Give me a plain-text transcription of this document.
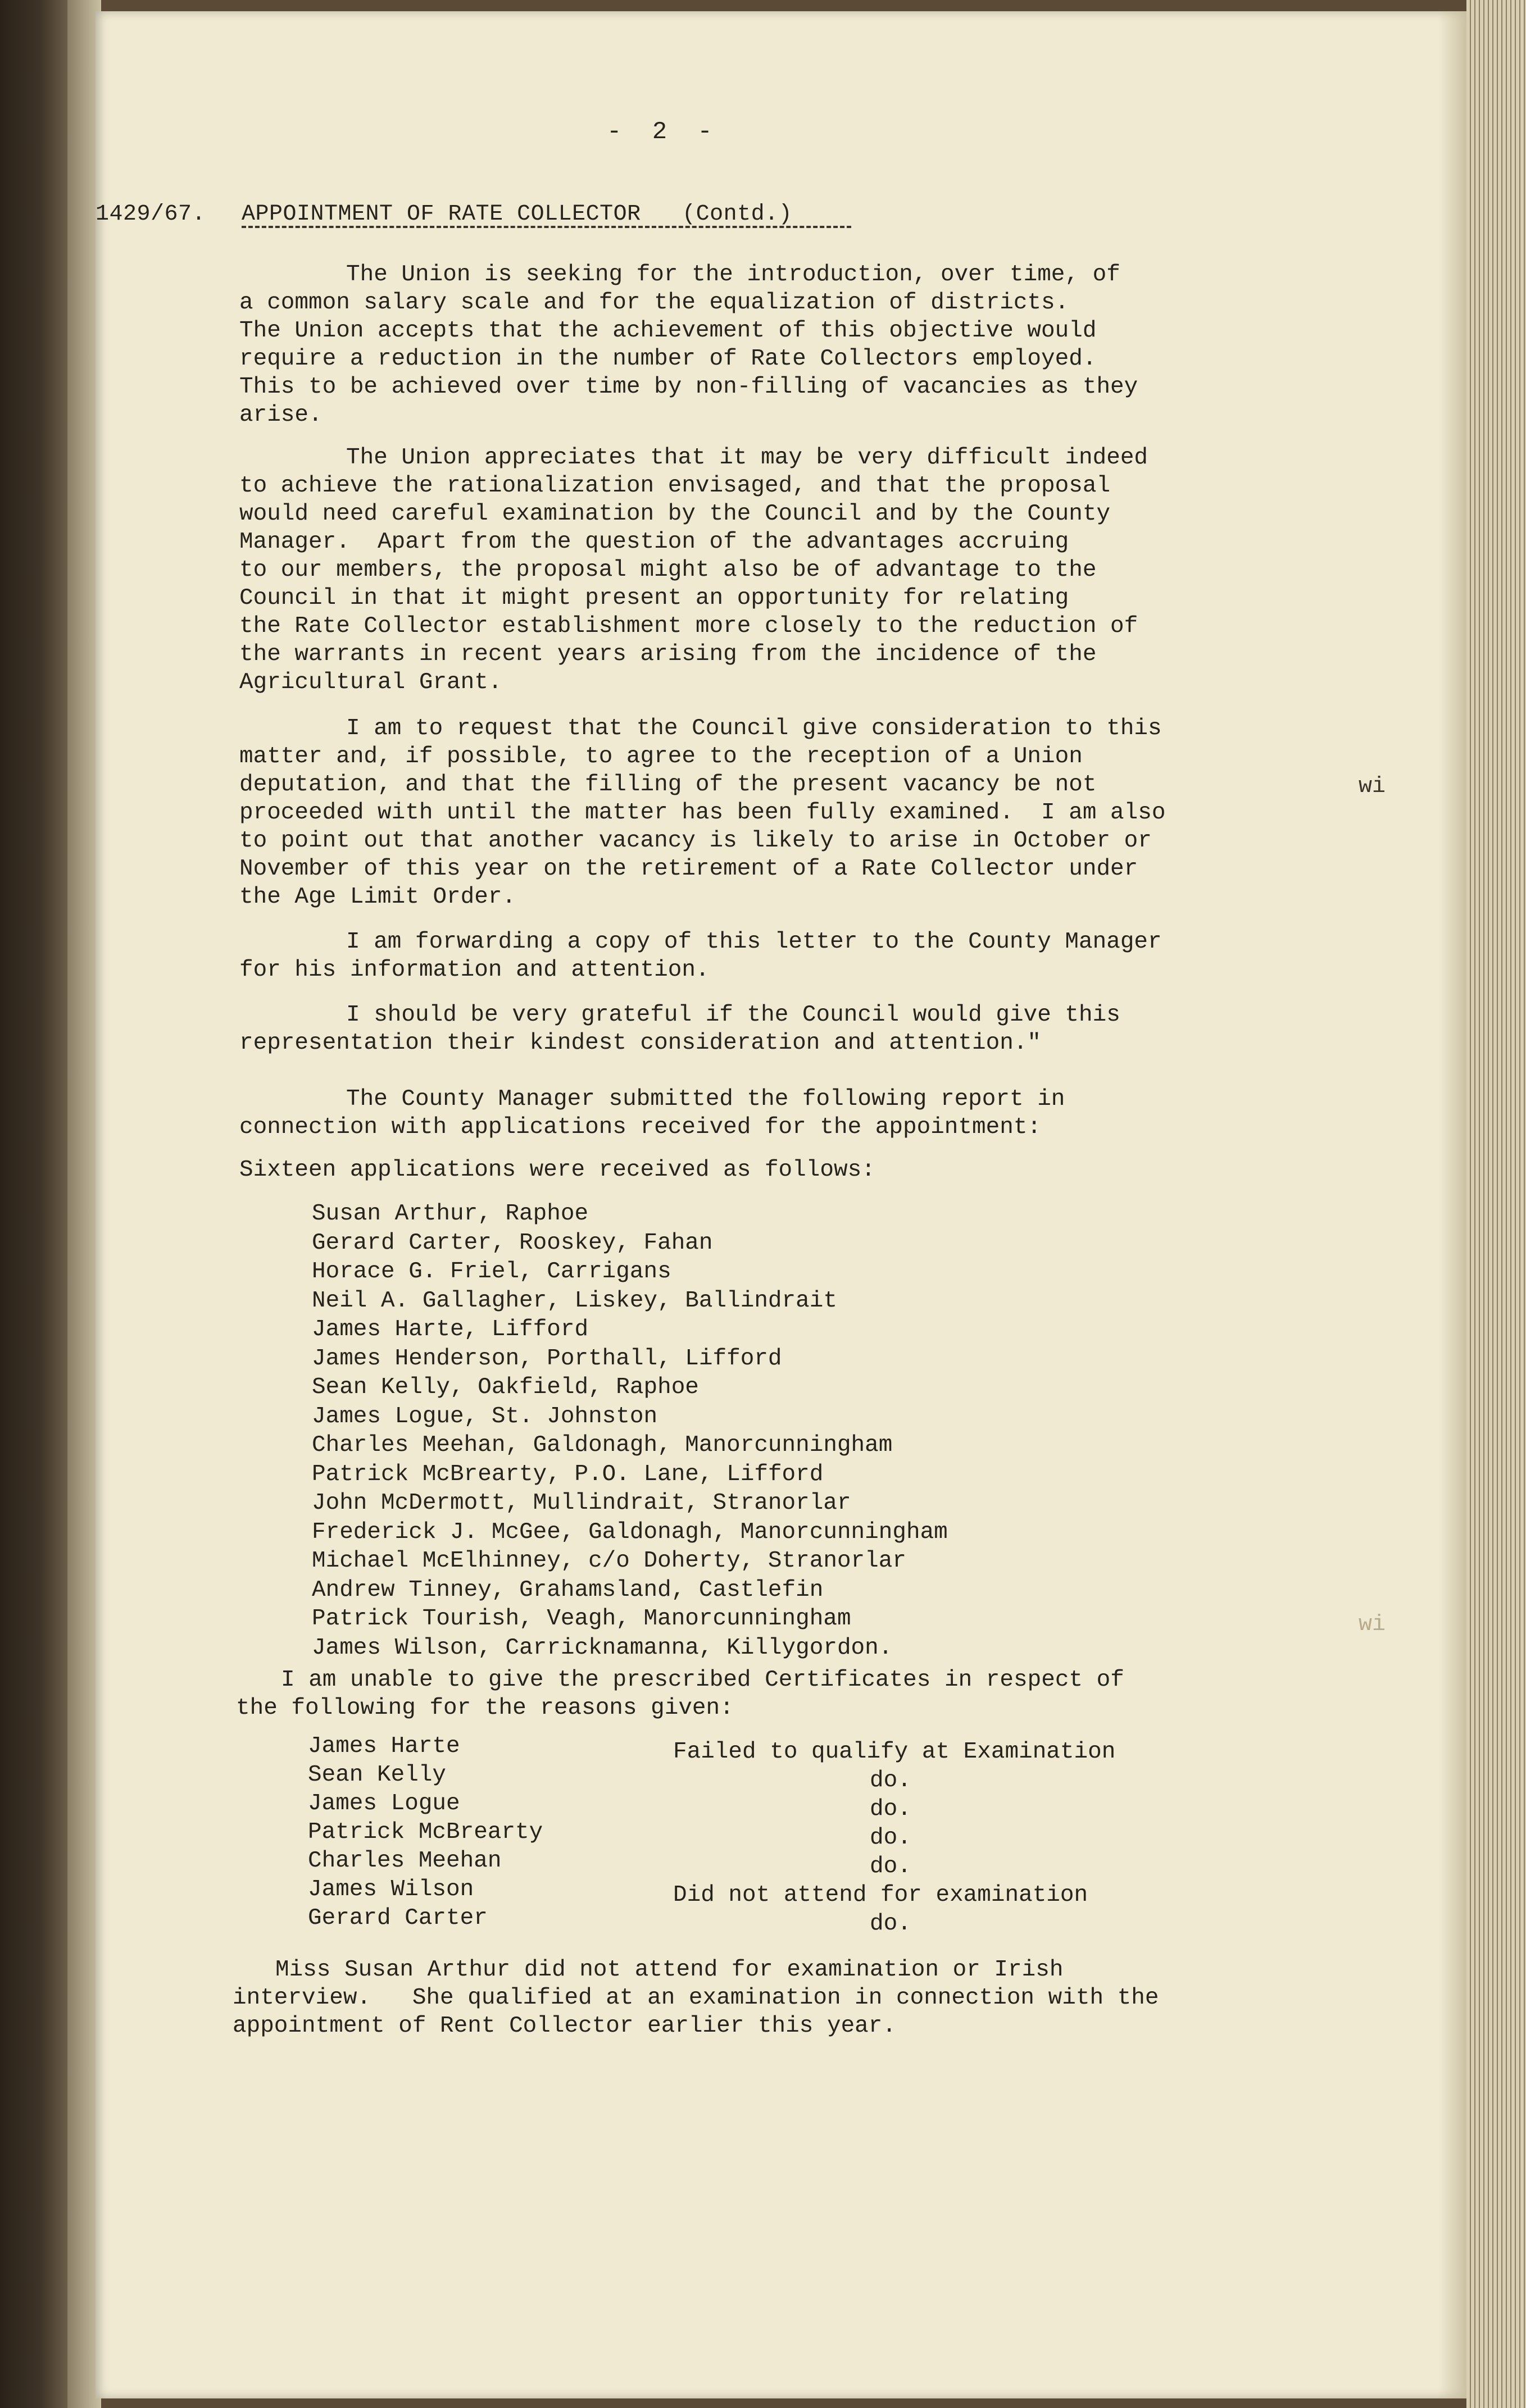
-  2  -
1429/67. APPOINTMENT OF RATE COLLECTOR   (Contd.)
The Union is seeking for the introduction, over time, of
a common salary scale and for the equalization of districts.
The Union accepts that the achievement of this objective would
require a reduction in the number of Rate Collectors employed.
This to be achieved over time by non-filling of vacancies as they
arise.
The Union appreciates that it may be very difficult indeed
to achieve the rationalization envisaged, and that the proposal
would need careful examination by the Council and by the County
Manager.  Apart from the question of the advantages accruing
to our members, the proposal might also be of advantage to the
Council in that it might present an opportunity for relating
the Rate Collector establishment more closely to the reduction of
the warrants in recent years arising from the incidence of the
Agricultural Grant.
I am to request that the Council give consideration to this
matter and, if possible, to agree to the reception of a Union
deputation, and that the filling of the present vacancy be not
proceeded with until the matter has been fully examined.  I am also
to point out that another vacancy is likely to arise in October or
November of this year on the retirement of a Rate Collector under
the Age Limit Order.
I am forwarding a copy of this letter to the County Manager
for his information and attention.
I should be very grateful if the Council would give this
representation their kindest consideration and attention."
The County Manager submitted the following report in
connection with applications received for the appointment:
Sixteen applications were received as follows:
Susan Arthur, Raphoe
Gerard Carter, Rooskey, Fahan
Horace G. Friel, Carrigans
Neil A. Gallagher, Liskey, Ballindrait
James Harte, Lifford
James Henderson, Porthall, Lifford
Sean Kelly, Oakfield, Raphoe
James Logue, St. Johnston
Charles Meehan, Galdonagh, Manorcunningham
Patrick McBrearty, P.O. Lane, Lifford
John McDermott, Mullindrait, Stranorlar
Frederick J. McGee, Galdonagh, Manorcunningham
Michael McElhinney, c/o Doherty, Stranorlar
Andrew Tinney, Grahamsland, Castlefin
Patrick Tourish, Veagh, Manorcunningham
James Wilson, Carricknamanna, Killygordon.
I am unable to give the prescribed Certificates in respect of
the following for the reasons given:
James Harte	Failed to qualify at Examination
Sean Kelly	do.
James Logue	do.
Patrick McBrearty	do.
Charles Meehan	do.
James Wilson	Did not attend for examination
Gerard Carter	do.
Miss Susan Arthur did not attend for examination or Irish
interview.   She qualified at an examination in connection with the
appointment of Rent Collector earlier this year.
wi
wi
